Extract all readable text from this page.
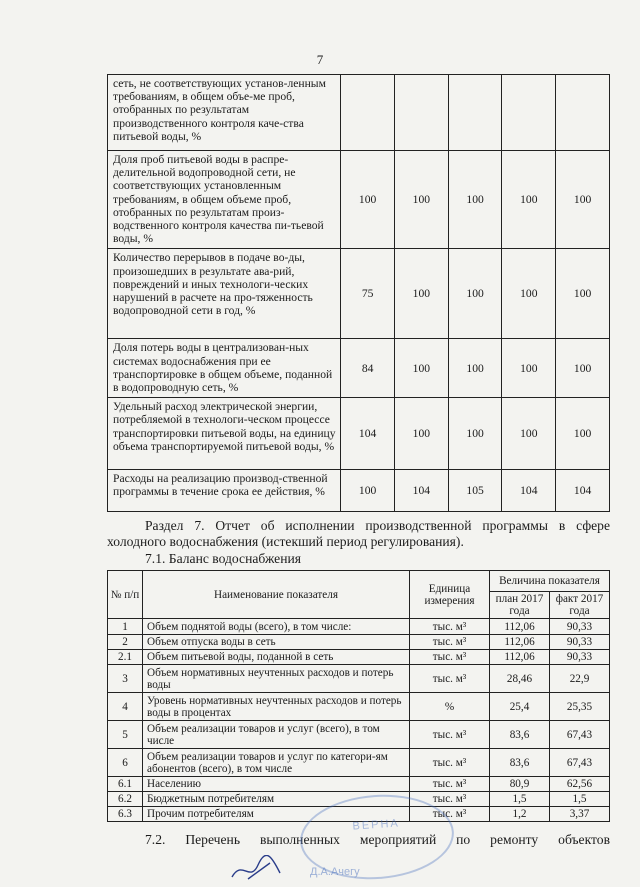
7
сеть, не соответствующих установ-ленным требованиям, в общем объе-ме проб, отобранных по результатам производственного контроля каче-ства питьевой воды, %					
Доля проб питьевой воды в распре-делительной водопроводной сети, не соответствующих установленным требованиям, в общем объеме проб, отобранных по результатам произ-водственного контроля качества пи-тьевой воды, %	100	100	100	100	100
Количество перерывов в подаче во-ды, произошедших в результате ава-рий, повреждений и иных технологи-ческих нарушений в расчете на про-тяженность водопроводной сети в год, %	75	100	100	100	100
Доля потерь воды в централизован-ных системах водоснабжения при ее транспортировке в общем объеме, поданной в водопроводную сеть, %	84	100	100	100	100
Удельный расход электрической энергии, потребляемой в технологи-ческом процессе транспортировки питьевой воды, на единицу объема транспортируемой питьевой воды, %	104	100	100	100	100
Расходы на реализацию производ-ственной программы в течение срока ее действия, %	100	104	105	104	104
Раздел 7. Отчет об исполнении производственной программы в сфере холодного водоснабжения (истекший период регулирования).
7.1. Баланс водоснабжения
№ п/п	Наименование показателя	Единица измерения	Величина показателя	
			план 2017 года	факт 2017 года
1	Объем поднятой воды (всего), в том числе:	тыс. м³	112,06	90,33
2	Объем отпуска воды в сеть	тыс. м³	112,06	90,33
2.1	Объем питьевой воды, поданной в сеть	тыс. м³	112,06	90,33
3	Объем нормативных неучтенных расходов и потерь воды	тыс. м³	28,46	22,9
4	Уровень нормативных неучтенных расходов и потерь воды в процентах	%	25,4	25,35
5	Объем реализации товаров и услуг (всего), в том числе	тыс. м³	83,6	67,43
6	Объем реализации товаров и услуг по категори-ям абонентов (всего), в том числе	тыс. м³	83,6	67,43
6.1	Населению	тыс. м³	80,9	62,56
6.2	Бюджетным потребителям	тыс. м³	1,5	1,5
6.3	Прочим потребителям	тыс. м³	1,2	3,37
7.2. Перечень выполненных мероприятий по ремонту объектов
ВЕРНА
Д.А.Ачегу
